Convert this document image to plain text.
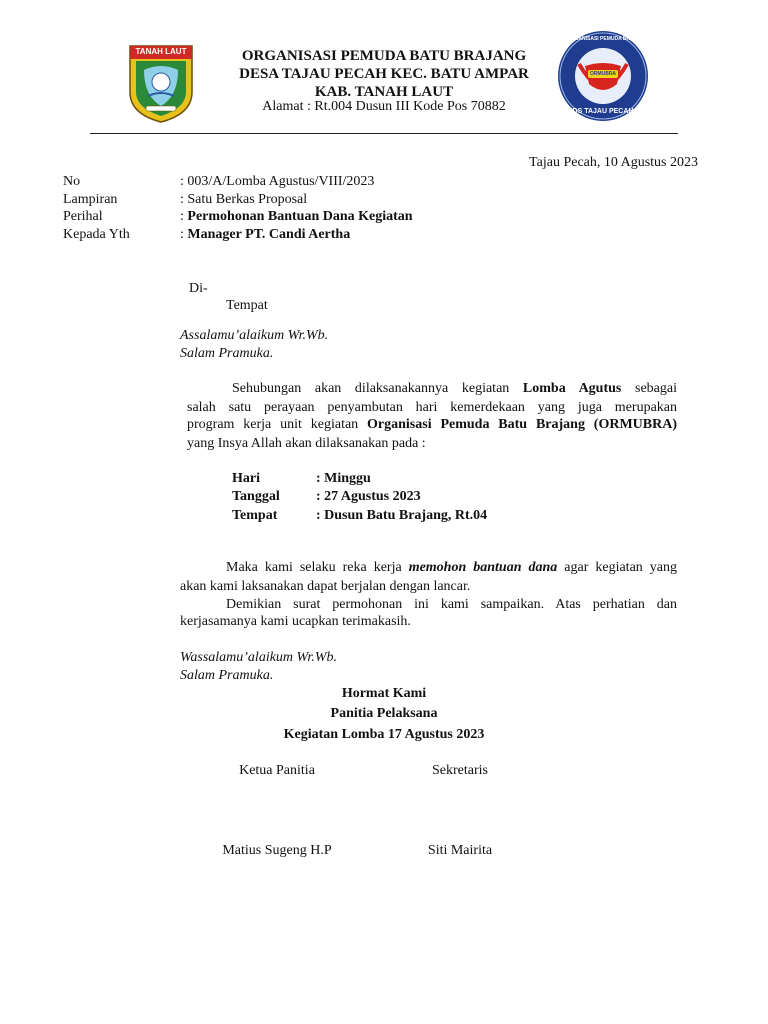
TANAH LAUT
ORMUBRA
ORGANISASI PEMUDA BRAJANG
DS TAJAU PECAH
ORGANISASI PEMUDA BATU BRAJANG
DESA TAJAU PECAH KEC. BATU AMPAR
KAB. TANAH LAUT
Alamat : Rt.004 Dusun III Kode Pos 70882
Tajau Pecah, 10 Agustus 2023
No	: 003/A/Lomba Agustus/VIII/2023
Lampiran	: Satu Berkas Proposal
Perihal	: Permohonan Bantuan Dana Kegiatan
Kepada Yth	: Manager PT. Candi Aertha
Di-
Tempat
Assalamu’alaikum Wr.Wb.
Salam Pramuka.
Sehubungan akan dilaksanakannya kegiatan Lomba Agutus sebagai
salah satu perayaan penyambutan hari kemerdekaan yang juga merupakan
program kerja unit kegiatan Organisasi Pemuda Batu Brajang (ORMUBRA)
yang Insya Allah akan dilaksanakan pada :
Hari	: Minggu
Tanggal	: 27 Agustus 2023
Tempat	: Dusun Batu Brajang, Rt.04
Maka kami selaku reka kerja memohon bantuan dana agar kegiatan yang
akan kami laksanakan dapat berjalan dengan lancar.
Demikian surat permohonan ini kami sampaikan. Atas perhatian dan
kerjasamanya kami ucapkan terimakasih.
Wassalamu’alaikum Wr.Wb.
Salam Pramuka.
Hormat Kami
Panitia Pelaksana
Kegiatan Lomba 17 Agustus 2023
Ketua Panitia	Sekretaris
Matius Sugeng H.P	Siti Mairita
